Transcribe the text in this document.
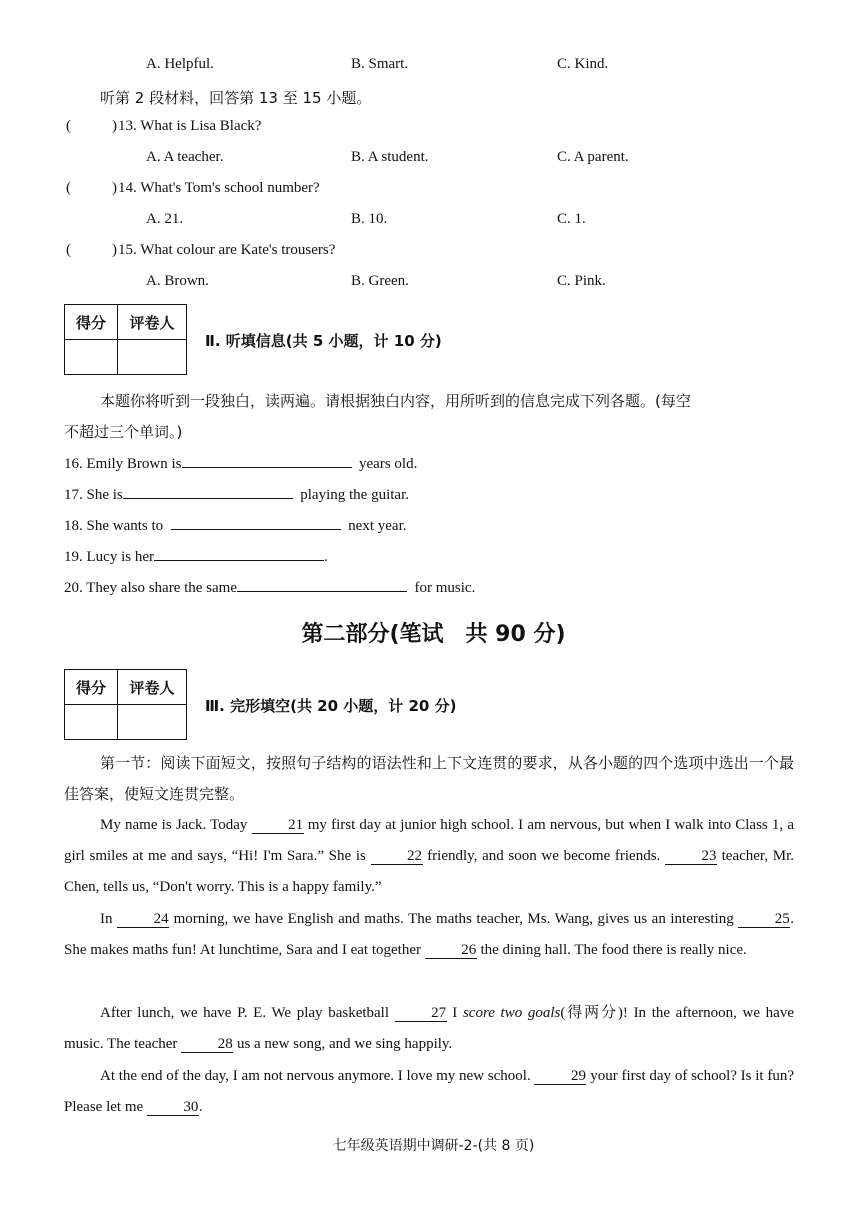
A. Helpful.	B. Smart.	C. Kind.
听第 2 段材料，回答第 13 至 15 小题。
(	) 13. What is Lisa Black?
A. A teacher.	B. A student.	C. A parent.
(	) 14. What's Tom's school number?
A. 21.	B. 10.	C. 1.
(	) 15. What colour are Kate's trousers?
A. Brown.	B. Green.	C. Pink.
得分	评卷人

Ⅱ. 听填信息(共 5 小题，计 10 分)
本题你将听到一段独白，读两遍。请根据独白内容，用所听到的信息完成下列各题。(每空
不超过三个单词。)
16. Emily Brown is	years old.
17. She is	playing the guitar.
18. She wants to	next year.
19. Lucy is her	.
20. They also share the same	for music.
第二部分(笔试　共 90 分)
得分	评卷人

Ⅲ. 完形填空(共 20 小题，计 20 分)
第一节：阅读下面短文，按照句子结构的语法性和上下文连贯的要求，从各小题的四个选项中选出一个最佳答案，使短文连贯完整。
My name is Jack. Today 21 my first day at junior high school. I am nervous, but when I walk into Class 1, a girl smiles at me and says, “Hi! I'm Sara.” She is 22 friendly, and soon we become friends. 23 teacher, Mr. Chen, tells us, “Don't worry. This is a happy family.”
In 24 morning, we have English and maths. The maths teacher, Ms. Wang, gives us an interesting 25. She makes maths fun! At lunchtime, Sara and I eat together 26 the dining hall. The food there is really nice.
After lunch, we have P. E. We play basketball 27 I score two goals(得两分)! In the afternoon, we have music. The teacher 28 us a new song, and we sing happily.
At the end of the day, I am not nervous anymore. I love my new school. 29 your first day of school? Is it fun? Please let me 30.
七年级英语期中调研-2-(共 8 页)
